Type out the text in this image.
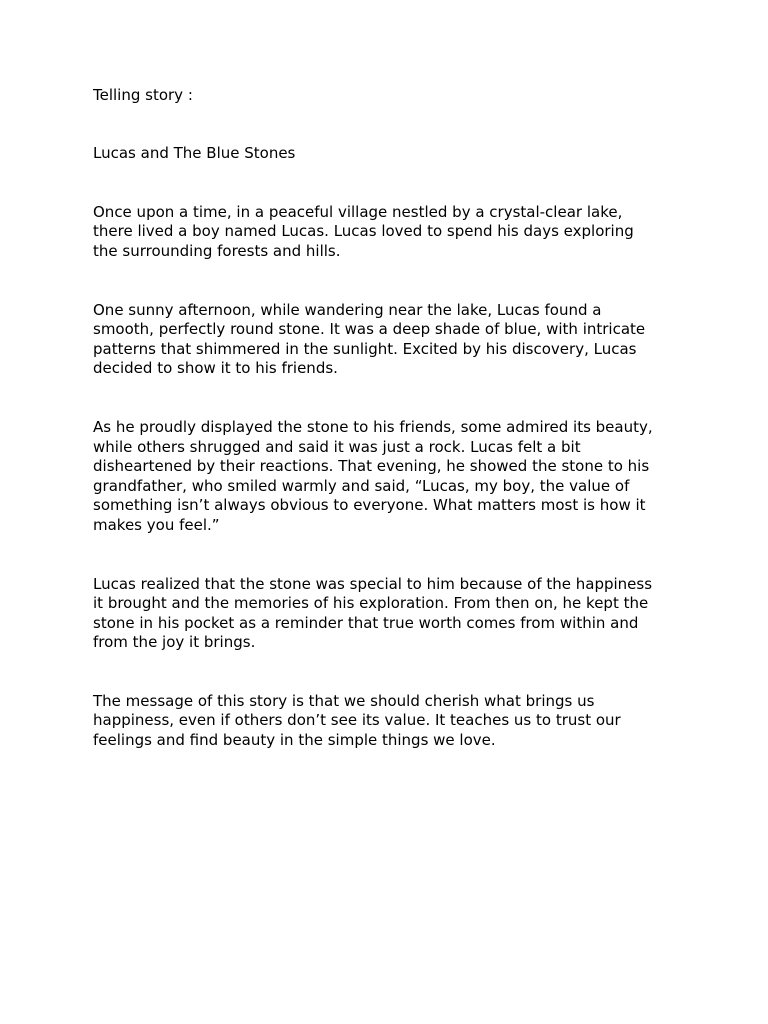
Telling story :

Lucas and The Blue Stones

Once upon a time, in a peaceful village nestled by a crystal-clear lake,
there lived a boy named Lucas. Lucas loved to spend his days exploring
the surrounding forests and hills.

One sunny afternoon, while wandering near the lake, Lucas found a
smooth, perfectly round stone. It was a deep shade of blue, with intricate
patterns that shimmered in the sunlight. Excited by his discovery, Lucas
decided to show it to his friends.

As he proudly displayed the stone to his friends, some admired its beauty,
while others shrugged and said it was just a rock. Lucas felt a bit
disheartened by their reactions. That evening, he showed the stone to his
grandfather, who smiled warmly and said, “Lucas, my boy, the value of
something isn’t always obvious to everyone. What matters most is how it
makes you feel.”

Lucas realized that the stone was special to him because of the happiness
it brought and the memories of his exploration. From then on, he kept the
stone in his pocket as a reminder that true worth comes from within and
from the joy it brings.

The message of this story is that we should cherish what brings us
happiness, even if others don’t see its value. It teaches us to trust our
feelings and find beauty in the simple things we love.
